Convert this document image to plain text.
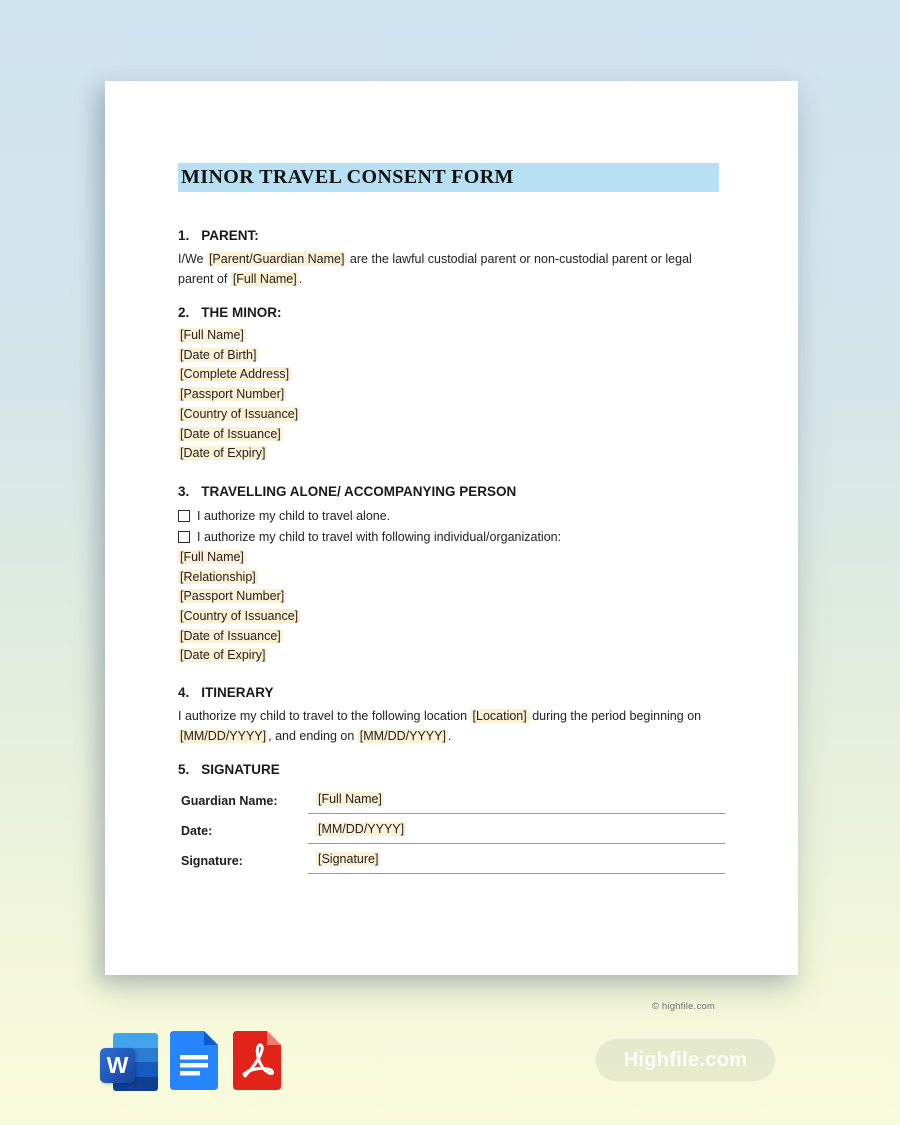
MINOR TRAVEL CONSENT FORM
1. PARENT:

I/We [Parent/Guardian Name] are the lawful custodial parent or non-custodial parent or legal parent of [Full Name] .

2. THE MINOR:
[Full Name]
[Date of Birth]
[Complete Address]
[Passport Number]
[Country of Issuance]
[Date of Issuance]
[Date of Expiry]
3. TRAVELLING ALONE/ ACCOMPANYING PERSON
I authorize my child to travel alone.
I authorize my child to travel with following individual/organization:
[Full Name]
[Relationship]
[Passport Number]
[Country of Issuance]
[Date of Issuance]
[Date of Expiry]
4. ITINERARY

I authorize my child to travel to the following location [Location] during the period beginning on [MM/DD/YYYY] , and ending on [MM/DD/YYYY] .

5. SIGNATURE
Guardian Name:	[Full Name]
Date:	[MM/DD/YYYY]
Signature:	[Signature]
© highfile.com
W	Highfile.com
